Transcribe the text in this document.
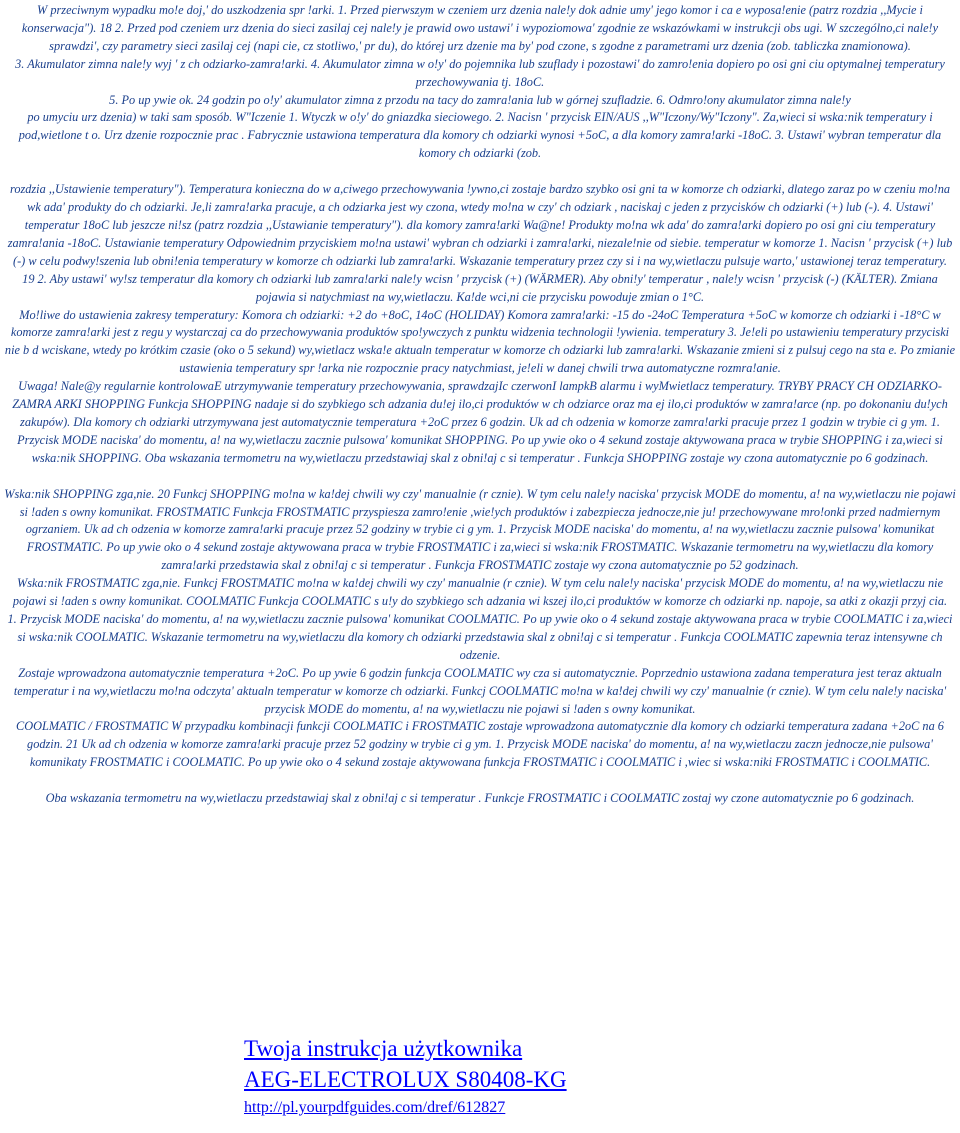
W przeciwnym wypadku mo!e doj,' do uszkodzenia spr !arki. 1. Przed pierwszym w czeniem urz dzenia nale!y dok adnie umy' jego komor i ca e wyposa!enie (patrz rozdzia ,,Mycie i konserwacja"). 18 2. Przed pod czeniem urz dzenia do sieci zasilaj cej nale!y je prawid owo ustawi' i wypoziomowa' zgodnie ze wskazówkami w instrukcji obs ugi. W szczególno,ci nale!y sprawdzi', czy parametry sieci zasilaj cej (napi cie, cz stotliwo,' pr du), do której urz dzenie ma by' pod czone, s zgodne z parametrami urz dzenia (zob. tabliczka znamionowa).

3. Akumulator zimna nale!y wyj ' z ch odziarko-zamra!arki. 4. Akumulator zimna w o!y' do pojemnika lub szuflady i pozostawi' do zamro!enia dopiero po osi gni ciu optymalnej temperatury przechowywania tj. 18oC.

5. Po up ywie ok. 24 godzin po o!y' akumulator zimna z przodu na tacy do zamra!ania lub w górnej szufladzie. 6. Odmro!ony akumulator zimna nale!y

po umyciu urz dzenia) w taki sam sposób. W"Iczenie 1. Wtyczk w o!y' do gniazdka sieciowego. 2. Nacisn ' przycisk EIN/AUS ,,W"Iczony/Wy"Iczony". Za,wieci si wska:nik temperatury i pod,wietlone t o. Urz dzenie rozpocznie prac . Fabrycznie ustawiona temperatura dla komory ch odziarki wynosi +5oC, a dla komory zamra!arki -18oC. 3. Ustawi' wybran temperatur dla komory ch odziarki (zob.

rozdzia ,,Ustawienie temperatury"). Temperatura konieczna do w a,ciwego przechowywania !ywno,ci zostaje bardzo szybko osi gni ta w komorze ch odziarki, dlatego zaraz po w czeniu mo!na wk ada' produkty do ch odziarki. Je,li zamra!arka pracuje, a ch odziarka jest wy czona, wtedy mo!na w czy' ch odziark , naciskaj c jeden z przycisków ch odziarki (+) lub (-). 4. Ustawi' temperatur 18oC lub jeszcze ni!sz (patrz rozdzia ,,Ustawianie temperatury"). dla komory zamra!arki Wa@ne! Produkty mo!na wk ada' do zamra!arki dopiero po osi gni ciu temperatury zamra!ania -18oC. Ustawianie temperatury Odpowiednim przyciskiem mo!na ustawi' wybran ch odziarki i zamra!arki, niezale!nie od siebie. temperatur w komorze 1. Nacisn ' przycisk (+) lub (-) w celu podwy!szenia lub obni!enia temperatury w komorze ch odziarki lub zamra!arki. Wskazanie temperatury przez czy si i na wy,wietlaczu pulsuje warto,' ustawionej teraz temperatury.

19 2. Aby ustawi' wy!sz temperatur dla komory ch odziarki lub zamra!arki nale!y wcisn ' przycisk (+) (WÄRMER). Aby obni!y' temperatur , nale!y wcisn ' przycisk (-) (KÄLTER). Zmiana pojawia si natychmiast na wy,wietlaczu. Ka!de wci,ni cie przycisku powoduje zmian o 1°C.

Mo!liwe do ustawienia zakresy temperatury: Komora ch odziarki: +2 do +8oC, 14oC (HOLIDAY) Komora zamra!arki: -15 do -24oC Temperatura +5oC w komorze ch odziarki i -18°C w komorze zamra!arki jest z regu y wystarczaj ca do przechowywania produktów spo!ywczych z punktu widzenia technologii !ywienia. temperatury 3. Je!eli po ustawieniu temperatury przyciski nie b d wciskane, wtedy po krótkim czasie (oko o 5 sekund) wy,wietlacz wska!e aktualn temperatur w komorze ch odziarki lub zamra!arki. Wskazanie zmieni si z pulsuj cego na sta e. Po zmianie ustawienia temperatury spr !arka nie rozpocznie pracy natychmiast, je!eli w danej chwili trwa automatyczne rozmra!anie.

Uwaga! Nale@y regularnie kontrolowaE utrzymywanie temperatury przechowywania, sprawdzajIc czerwonI lampkB alarmu i wyMwietlacz temperatury. TRYBY PRACY CH ODZIARKO-ZAMRA ARKI SHOPPING Funkcja SHOPPING nadaje si do szybkiego sch adzania du!ej ilo,ci produktów w ch odziarce oraz ma ej ilo,ci produktów w zamra!arce (np. po dokonaniu du!ych zakupów). Dla komory ch odziarki utrzymywana jest automatycznie temperatura +2oC przez 6 godzin. Uk ad ch odzenia w komorze zamra!arki pracuje przez 1 godzin w trybie ci g ym. 1. Przycisk MODE naciska' do momentu, a! na wy,wietlaczu zacznie pulsowa' komunikat SHOPPING. Po up ywie oko o 4 sekund zostaje aktywowana praca w trybie SHOPPING i za,wieci si wska:nik SHOPPING. Oba wskazania termometru na wy,wietlaczu przedstawiaj skal z obni!aj c si temperatur . Funkcja SHOPPING zostaje wy czona automatycznie po 6 godzinach.

Wska:nik SHOPPING zga,nie. 20 Funkcj SHOPPING mo!na w ka!dej chwili wy czy' manualnie (r cznie). W tym celu nale!y naciska' przycisk MODE do momentu, a! na wy,wietlaczu nie pojawi si !aden s owny komunikat. FROSTMATIC Funkcja FROSTMATIC przyspiesza zamro!enie ,wie!ych produktów i zabezpiecza jednocze,nie ju! przechowywane mro!onki przed nadmiernym ogrzaniem. Uk ad ch odzenia w komorze zamra!arki pracuje przez 52 godziny w trybie ci g ym. 1. Przycisk MODE naciska' do momentu, a! na wy,wietlaczu zacznie pulsowa' komunikat FROSTMATIC. Po up ywie oko o 4 sekund zostaje aktywowana praca w trybie FROSTMATIC i za,wieci si wska:nik FROSTMATIC. Wskazanie termometru na wy,wietlaczu dla komory zamra!arki przedstawia skal z obni!aj c si temperatur . Funkcja FROSTMATIC zostaje wy czona automatycznie po 52 godzinach.

Wska:nik FROSTMATIC zga,nie. Funkcj FROSTMATIC mo!na w ka!dej chwili wy czy' manualnie (r cznie). W tym celu nale!y naciska' przycisk MODE do momentu, a! na wy,wietlaczu nie pojawi si !aden s owny komunikat. COOLMATIC Funkcja COOLMATIC s u!y do szybkiego sch adzania wi kszej ilo,ci produktów w komorze ch odziarki np. napoje, sa atki z okazji przyj cia.

1. Przycisk MODE naciska' do momentu, a! na wy,wietlaczu zacznie pulsowa' komunikat COOLMATIC. Po up ywie oko o 4 sekund zostaje aktywowana praca w trybie COOLMATIC i za,wieci si wska:nik COOLMATIC. Wskazanie termometru na wy,wietlaczu dla komory ch odziarki przedstawia skal z obni!aj c si temperatur . Funkcja COOLMATIC zapewnia teraz intensywne ch odzenie.

Zostaje wprowadzona automatycznie temperatura +2oC. Po up ywie 6 godzin funkcja COOLMATIC wy cza si automatycznie. Poprzednio ustawiona zadana temperatura jest teraz aktualn temperatur i na wy,wietlaczu mo!na odczyta' aktualn temperatur w komorze ch odziarki. Funkcj COOLMATIC mo!na w ka!dej chwili wy czy' manualnie (r cznie). W tym celu nale!y naciska' przycisk MODE do momentu, a! na wy,wietlaczu nie pojawi si !aden s owny komunikat.

COOLMATIC / FROSTMATIC W przypadku kombinacji funkcji COOLMATIC i FROSTMATIC zostaje wprowadzona automatycznie dla komory ch odziarki temperatura zadana +2oC na 6 godzin. 21 Uk ad ch odzenia w komorze zamra!arki pracuje przez 52 godziny w trybie ci g ym. 1. Przycisk MODE naciska' do momentu, a! na wy,wietlaczu zaczn jednocze,nie pulsowa' komunikaty FROSTMATIC i COOLMATIC. Po up ywie oko o 4 sekund zostaje aktywowana funkcja FROSTMATIC i COOLMATIC i ,wiec si wska:niki FROSTMATIC i COOLMATIC.

Oba wskazania termometru na wy,wietlaczu przedstawiaj skal z obni!aj c si temperatur . Funkcje FROSTMATIC i COOLMATIC zostaj wy czone automatycznie po 6 godzinach.

Twoja instrukcja użytkownika
AEG-ELECTROLUX S80408-KG
http://pl.yourpdfguides.com/dref/612827
